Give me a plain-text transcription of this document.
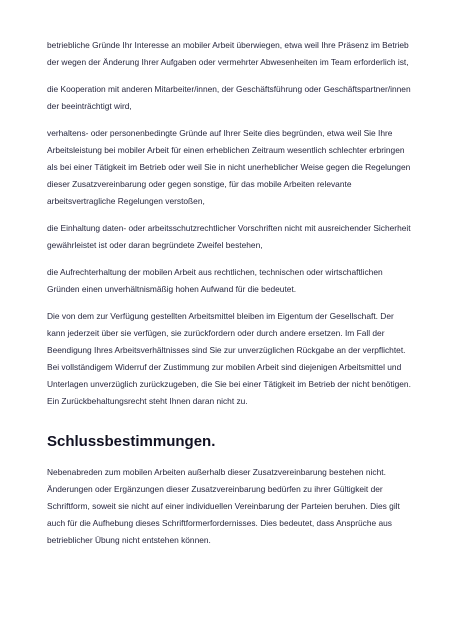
betriebliche Gründe Ihr Interesse an mobiler Arbeit überwiegen, etwa weil Ihre Präsenz im Betrieb der wegen der Änderung Ihrer Aufgaben oder vermehrter Abwesenheiten im Team erforderlich ist,

die Kooperation mit anderen Mitarbeiter/innen, der Geschäftsführung oder Geschäftspartner/innen der beeinträchtigt wird,

verhaltens- oder personenbedingte Gründe auf Ihrer Seite dies begründen, etwa weil Sie Ihre Arbeitsleistung bei mobiler Arbeit für einen erheblichen Zeitraum wesentlich schlechter erbringen als bei einer Tätigkeit im Betrieb oder weil Sie in nicht unerheblicher Weise gegen die Regelungen dieser Zusatzvereinbarung oder gegen sonstige, für das mobile Arbeiten relevante arbeitsvertragliche Regelungen verstoßen,

die Einhaltung daten- oder arbeitsschutzrechtlicher Vorschriften nicht mit ausreichender Sicherheit gewährleistet ist oder daran begründete Zweifel bestehen,

die Aufrechterhaltung der mobilen Arbeit aus rechtlichen, technischen oder wirtschaftlichen Gründen einen unverhältnismäßig hohen Aufwand für die bedeutet.

Die von dem zur Verfügung gestellten Arbeitsmittel bleiben im Eigentum der Gesellschaft. Der kann jederzeit über sie verfügen, sie zurückfordern oder durch andere ersetzen. Im Fall der Beendigung Ihres Arbeitsverhältnisses sind Sie zur unverzüglichen Rückgabe an der verpflichtet. Bei vollständigem Widerruf der Zustimmung zur mobilen Arbeit sind diejenigen Arbeitsmittel und Unterlagen unverzüglich zurückzugeben, die Sie bei einer Tätigkeit im Betrieb der nicht benötigen. Ein Zurückbehaltungsrecht steht Ihnen daran nicht zu.

Schlussbestimmungen.

Nebenabreden zum mobilen Arbeiten außerhalb dieser Zusatzvereinbarung bestehen nicht. Änderungen oder Ergänzungen dieser Zusatzvereinbarung bedürfen zu ihrer Gültigkeit der Schriftform, soweit sie nicht auf einer individuellen Vereinbarung der Parteien beruhen. Dies gilt auch für die Aufhebung dieses Schriftformerfordernisses. Dies bedeutet, dass Ansprüche aus betrieblicher Übung nicht entstehen können.
